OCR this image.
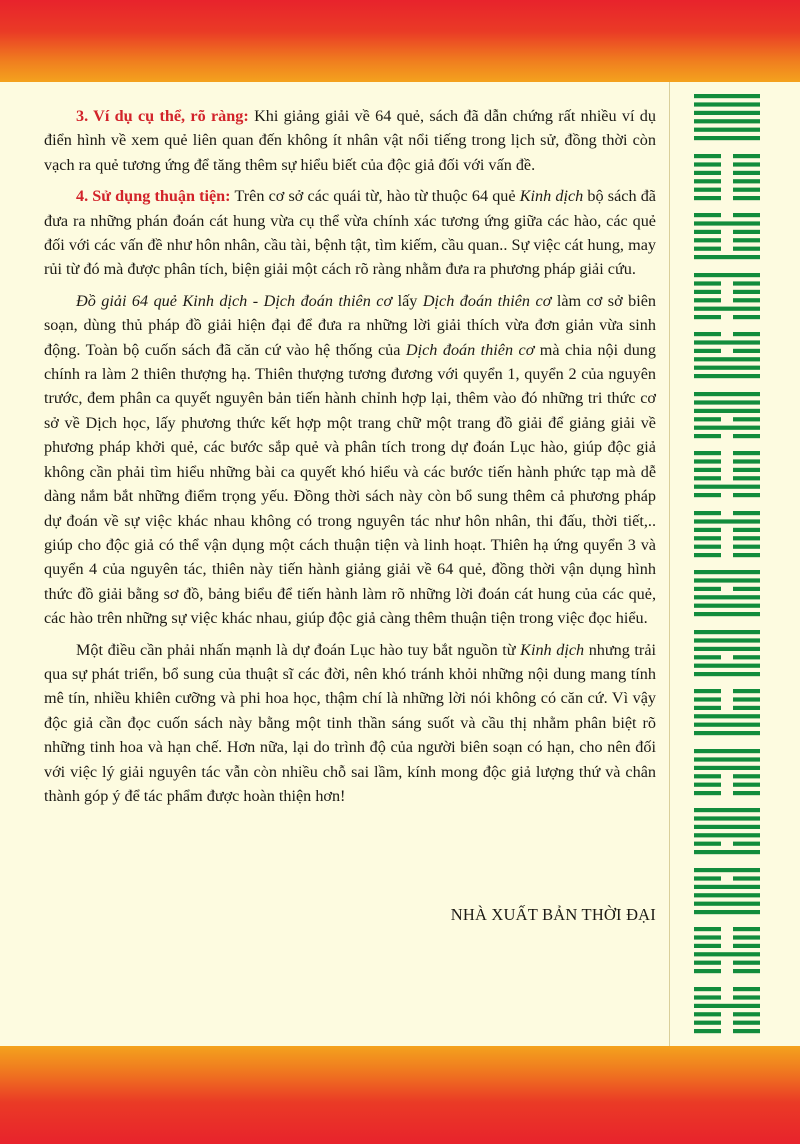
3. Ví dụ cụ thể, rõ ràng: Khi giảng giải về 64 quẻ, sách đã dẫn chứng rất nhiều ví dụ điển hình về xem quẻ liên quan đến không ít nhân vật nổi tiếng trong lịch sử, đồng thời còn vạch ra quẻ tương ứng để tăng thêm sự hiểu biết của độc giả đối với vấn đề.

4. Sử dụng thuận tiện: Trên cơ sở các quái từ, hào từ thuộc 64 quẻ Kinh dịch bộ sách đã đưa ra những phán đoán cát hung vừa cụ thể vừa chính xác tương ứng giữa các hào, các quẻ đối với các vấn đề như hôn nhân, cầu tài, bệnh tật, tìm kiếm, cầu quan.. Sự việc cát hung, may rủi từ đó mà được phân tích, biện giải một cách rõ ràng nhằm đưa ra phương pháp giải cứu.

Đồ giải 64 quẻ Kinh dịch - Dịch đoán thiên cơ lấy Dịch đoán thiên cơ làm cơ sở biên soạn, dùng thủ pháp đồ giải hiện đại để đưa ra những lời giải thích vừa đơn giản vừa sinh động. Toàn bộ cuốn sách đã căn cứ vào hệ thống của Dịch đoán thiên cơ mà chia nội dung chính ra làm 2 thiên thượng hạ. Thiên thượng tương đương với quyển 1, quyển 2 của nguyên trước, đem phân ca quyết nguyên bản tiến hành chỉnh hợp lại, thêm vào đó những tri thức cơ sở về Dịch học, lấy phương thức kết hợp một trang chữ một trang đồ giải để giảng giải về phương pháp khởi quẻ, các bước sắp quẻ và phân tích trong dự đoán Lục hào, giúp độc giả không cần phải tìm hiểu những bài ca quyết khó hiểu và các bước tiến hành phức tạp mà dễ dàng nắm bắt những điểm trọng yếu. Đồng thời sách này còn bổ sung thêm cả phương pháp dự đoán về sự việc khác nhau không có trong nguyên tác như hôn nhân, thi đấu, thời tiết,.. giúp cho độc giả có thể vận dụng một cách thuận tiện và linh hoạt. Thiên hạ ứng quyển 3 và quyển 4 của nguyên tác, thiên này tiến hành giảng giải về 64 quẻ, đồng thời vận dụng hình thức đồ giải bằng sơ đồ, bảng biểu để tiến hành làm rõ những lời đoán cát hung của các quẻ, các hào trên những sự việc khác nhau, giúp độc giả càng thêm thuận tiện trong việc đọc hiểu.

Một điều cần phải nhấn mạnh là dự đoán Lục hào tuy bắt nguồn từ Kinh dịch nhưng trải qua sự phát triển, bổ sung của thuật sĩ các đời, nên khó tránh khỏi những nội dung mang tính mê tín, nhiều khiên cưỡng và phi hoa học, thậm chí là những lời nói không có căn cứ. Vì vậy độc giả cần đọc cuốn sách này bằng một tinh thần sáng suốt và cầu thị nhằm phân biệt rõ những tinh hoa và hạn chế. Hơn nữa, lại do trình độ của người biên soạn có hạn, cho nên đối với việc lý giải nguyên tác vẫn còn nhiều chỗ sai lầm, kính mong độc giả lượng thứ và chân thành góp ý để tác phẩm được hoàn thiện hơn!

NHÀ XUẤT BẢN THỜI ĐẠI
